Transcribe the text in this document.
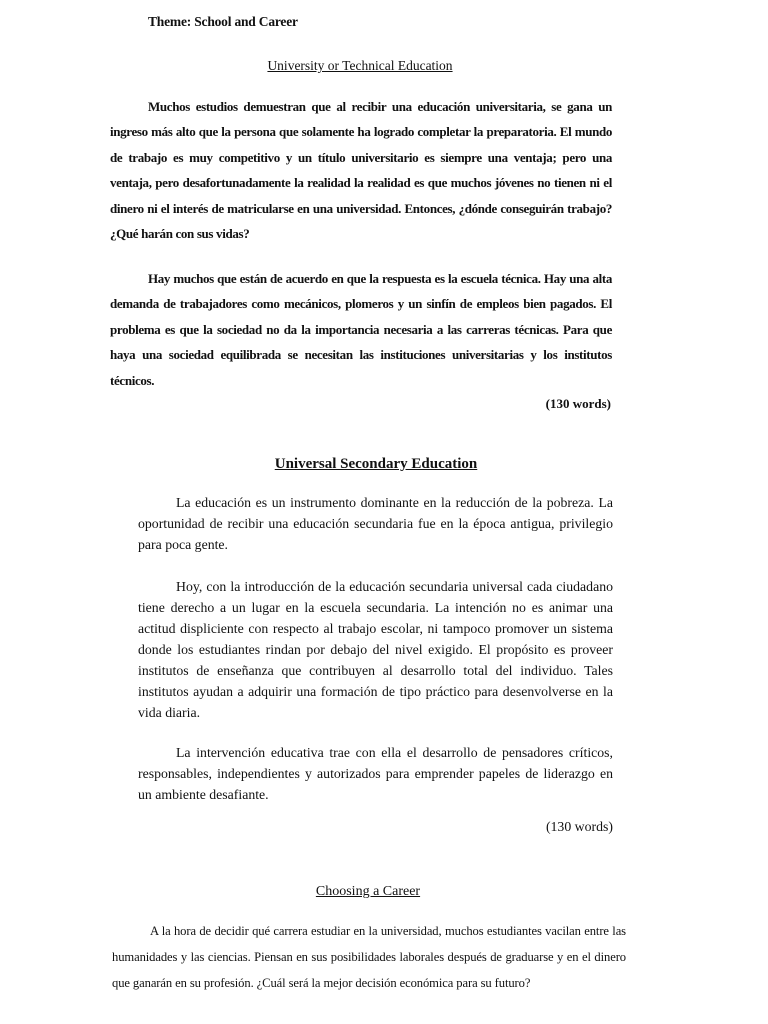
Theme: School and Career
University or Technical Education

Muchos estudios demuestran que al recibir una educación universitaria, se gana un ingreso más alto que la persona que solamente ha logrado completar la preparatoria. El mundo de trabajo es muy competitivo y un título universitario es siempre una ventaja; pero una ventaja, pero desafortunadamente la realidad la realidad es que muchos jóvenes no tienen ni el dinero ni el interés de matricularse en una universidad. Entonces, ¿dónde conseguirán trabajo? ¿Qué harán con sus vidas?

Hay muchos que están de acuerdo en que la respuesta es la escuela técnica. Hay una alta demanda de trabajadores como mecánicos, plomeros y un sinfín de empleos bien pagados. El problema es que la sociedad no da la importancia necesaria a las carreras técnicas. Para que haya una sociedad equilibrada se necesitan las instituciones universitarias y los institutos técnicos.

(130 words)
Universal Secondary Education

La educación es un instrumento dominante en la reducción de la pobreza. La oportunidad de recibir una educación secundaria fue en la época antigua, privilegio para poca gente.

Hoy, con la introducción de la educación secundaria universal cada ciudadano tiene derecho a un lugar en la escuela secundaria. La intención no es animar una actitud displiciente con respecto al trabajo escolar, ni tampoco promover un sistema donde los estudiantes rindan por debajo del nivel exigido. El propósito es proveer institutos de enseñanza que contribuyen al desarrollo total del individuo. Tales institutos ayudan a adquirir una formación de tipo práctico para desenvolverse en la vida diaria.

La intervención educativa trae con ella el desarrollo de pensadores críticos, responsables, independientes y autorizados para emprender papeles de liderazgo en un ambiente desafiante.

(130 words)
Choosing a Career

A la hora de decidir qué carrera estudiar en la universidad, muchos estudiantes vacilan entre las humanidades y las ciencias. Piensan en sus posibilidades laborales después de graduarse y en el dinero que ganarán en su profesión. ¿Cuál será la mejor decisión económica para su futuro?
